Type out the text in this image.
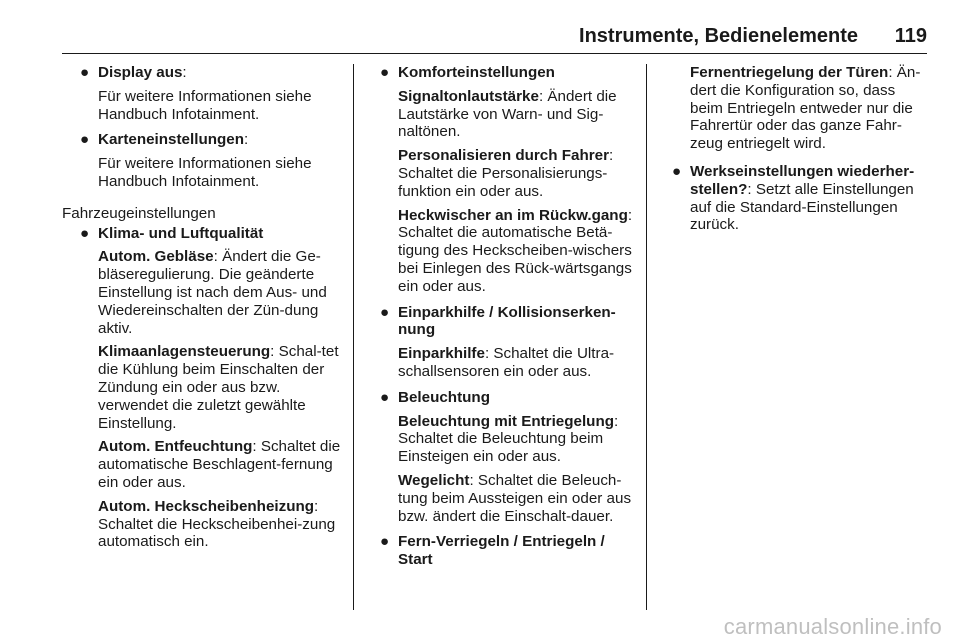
Instrumente, Bedienelemente 119
● Display aus:
Für weitere Informationen siehe Handbuch Infotainment.
● Karteneinstellungen:
Für weitere Informationen siehe Handbuch Infotainment.
Fahrzeugeinstellungen
● Klima- und Luftqualität
Autom. Gebläse: Ändert die Ge-bläseregulierung. Die geänderte Einstellung ist nach dem Aus- und Wiedereinschalten der Zün-dung aktiv.
Klimaanlagensteuerung: Schal-tet die Kühlung beim Einschalten der Zündung ein oder aus bzw. verwendet die zuletzt gewählte Einstellung.
Autom. Entfeuchtung: Schaltet die automatische Beschlagent-fernung ein oder aus.
Autom. Heckscheibenheizung: Schaltet die Heckscheibenhei-zung automatisch ein.
● Komforteinstellungen
Signaltonlautstärke: Ändert die Lautstärke von Warn- und Sig-naltönen.
Personalisieren durch Fahrer: Schaltet die Personalisierungs-funktion ein oder aus.
Heckwischer an im Rückw.gang: Schaltet die automatische Betä-tigung des Heckscheiben-wischers bei Einlegen des Rück-wärtsgangs ein oder aus.
● Einparkhilfe / Kollisionserken-nung
Einparkhilfe: Schaltet die Ultra-schallsensoren ein oder aus.
● Beleuchtung
Beleuchtung mit Entriegelung: Schaltet die Beleuchtung beim Einsteigen ein oder aus.
Wegelicht: Schaltet die Beleuch-tung beim Aussteigen ein oder aus bzw. ändert die Einschalt-dauer.
● Fern-Verriegeln / Entriegeln / Start
Fernentriegelung der Türen: Än-dert die Konfiguration so, dass beim Entriegeln entweder nur die Fahrertür oder das ganze Fahr-zeug entriegelt wird.
● Werkseinstellungen wiederher-stellen?: Setzt alle Einstellungen auf die Standard-Einstellungen zurück.
carmanualsonline.info
